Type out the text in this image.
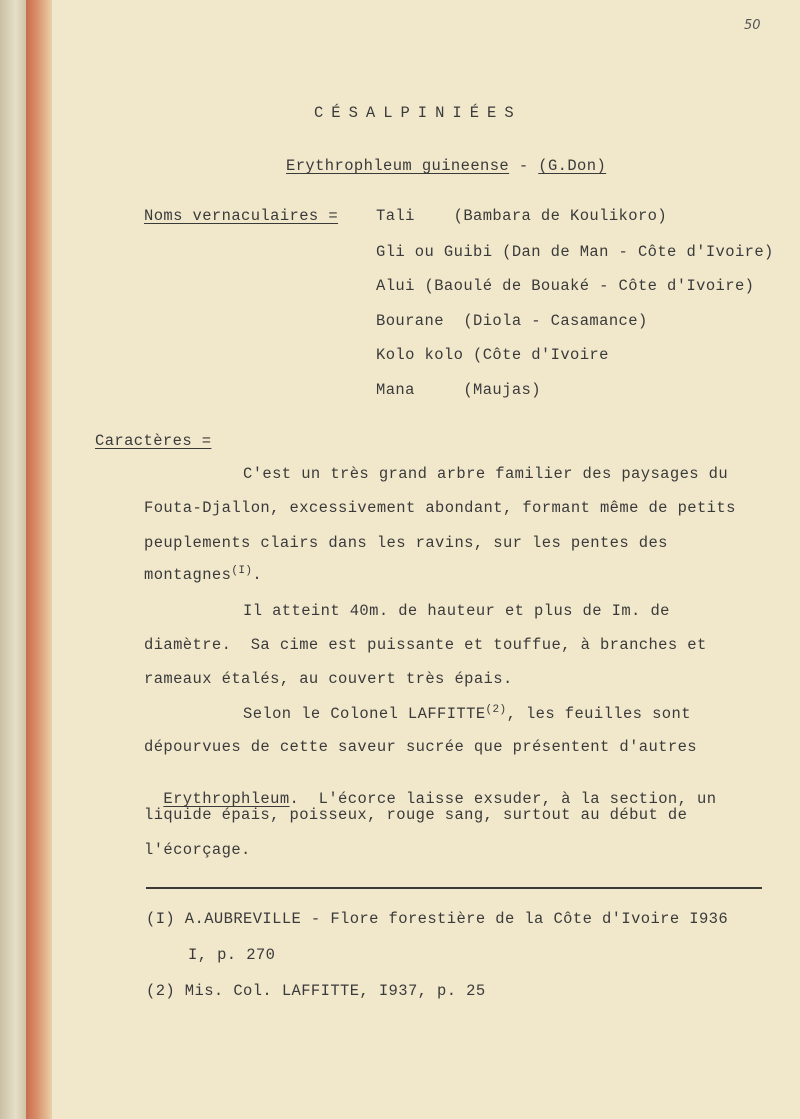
50
CÉSALPINIÉES
Erythrophleum guineense - (G.Don)
Noms vernaculaires = Tali    (Bambara de Koulikoro)
Gli ou Guibi (Dan de Man - Côte d'Ivoire)
Alui (Baoulé de Bouaké - Côte d'Ivoire)
Bourane  (Diola - Casamance)
Kolo kolo (Côte d'Ivoire
Mana     (Maujas)
Caractères =
C'est un très grand arbre familier des paysages du
Fouta-Djallon, excessivement abondant, formant même de petits
peuplements clairs dans les ravins, sur les pentes des
montagnes$^{(I)}$.
Il atteint 40m. de hauteur et plus de Im. de
diamètre.  Sa cime est puissante et touffue, à branches et
rameaux étalés, au couvert très épais.
Selon le Colonel LAFFITTE$^{(2)}$, les feuilles sont
dépourvues de cette saveur sucrée que présentent d'autres

Erythrophleum.  L'écorce laisse exsuder, à la section, un

liquide épais, poisseux, rouge sang, surtout au début de
l'écorçage.
(I) A.AUBREVILLE - Flore forestière de la Côte d'Ivoire I936
I, p. 270
(2) Mis. Col. LAFFITTE, I937, p. 25
